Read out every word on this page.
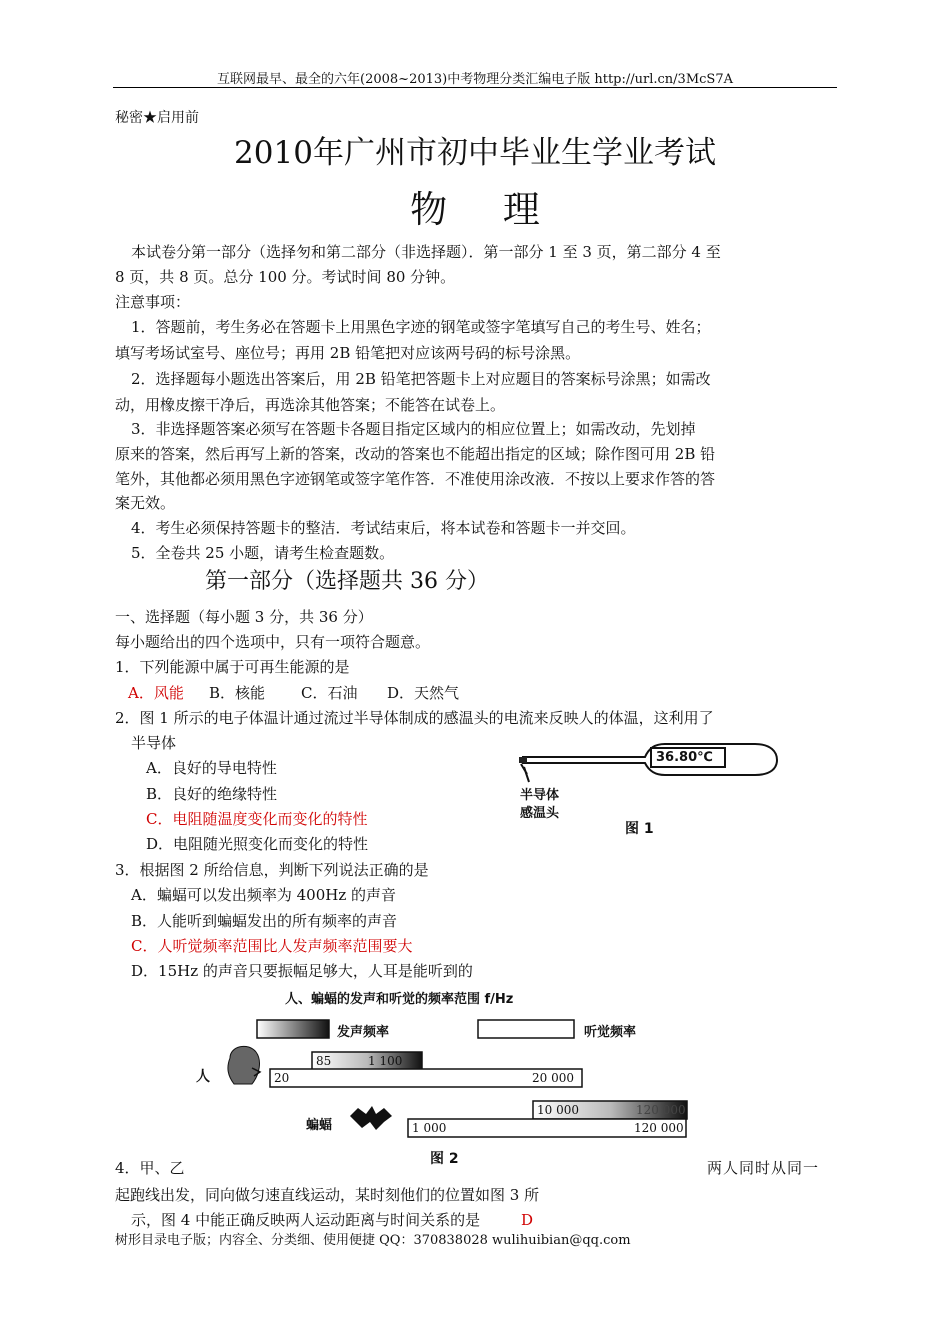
互联网最早、最全的六年(2008~2013)中考物理分类汇编电子版 http://url.cn/3McS7A
秘密★启用前
2010年广州市初中毕业生学业考试
物 理
本试卷分第一部分（选择匇和第二部分（非选择题）．第一部分 1 至 3 页，第二部分 4 至
8 页，共 8 页。总分 100 分。考试时间 80 分钟。
注意事项：
1．答题前，考生务必在答题卡上用黑色字迹的钢笔或签字笔填写自己的考生号、姓名；
填写考场试室号、座位号；再用 2B 铅笔把对应该两号码的标号涂黑。
2．选择题每小题选出答案后，用 2B 铅笔把答题卡上对应题目的答案标号涂黑；如需改
动，用橡皮擦干净后，再选涂其他答案；不能答在试卷上。
3．非选择题答案必须写在答题卡各题目指定区域内的相应位置上；如需改动，先划掉
原来的答案，然后再写上新的答案，改动的答案也不能超出指定的区域；除作图可用 2B 铅
笔外，其他都必须用黑色字迹钢笔或签字笔作答．不准使用涂改液．不按以上要求作答的答
案无效。
4．考生必须保持答题卡的整洁．考试结束后，将本试卷和答题卡一并交回。
5．全卷共 25 小题，请考生检查题数。
第一部分（选择题共 36 分）
一、选择题（每小题 3 分，共 36 分）
每小题给出的四个选项中，只有一项符合题意。
1．下列能源中属于可再生能源的是
A．风能 B．核能 C．石油 D．天然气
2．图 1 所示的电子体温计通过流过半导体制成的感温头的电流来反映人的体温，这利用了
半导体
A．良好的导电特性
B．良好的绝缘特性
C．电阻随温度变化而变化的特性
D．电阻随光照变化而变化的特性
36.80℃
半导体
感温头
图 1
3．根据图 2 所给信息，判断下列说法正确的是
A．蝙蝠可以发出频率为 400Hz 的声音
B．人能听到蝙蝠发出的所有频率的声音
C．人听觉频率范围比人发声频率范围要大
D．15Hz 的声音只要振幅足够大，人耳是能听到的
人、蝙蝠的发声和听觉的频率范围 f/Hz
发声频率	听觉频率
人
85	1 100
20	20 000
蝙蝠
10 000	120 000
1 000	120 000
图 2
4．甲、乙	两人同时从同一
起跑线出发，同向做匀速直线运动，某时刻他们的位置如图 3 所
示，图 4 中能正确反映两人运动距离与时间关系的是	D
树形目录电子版；内容全、分类细、使用便捷 QQ：370838028 wulihuibian@qq.com
